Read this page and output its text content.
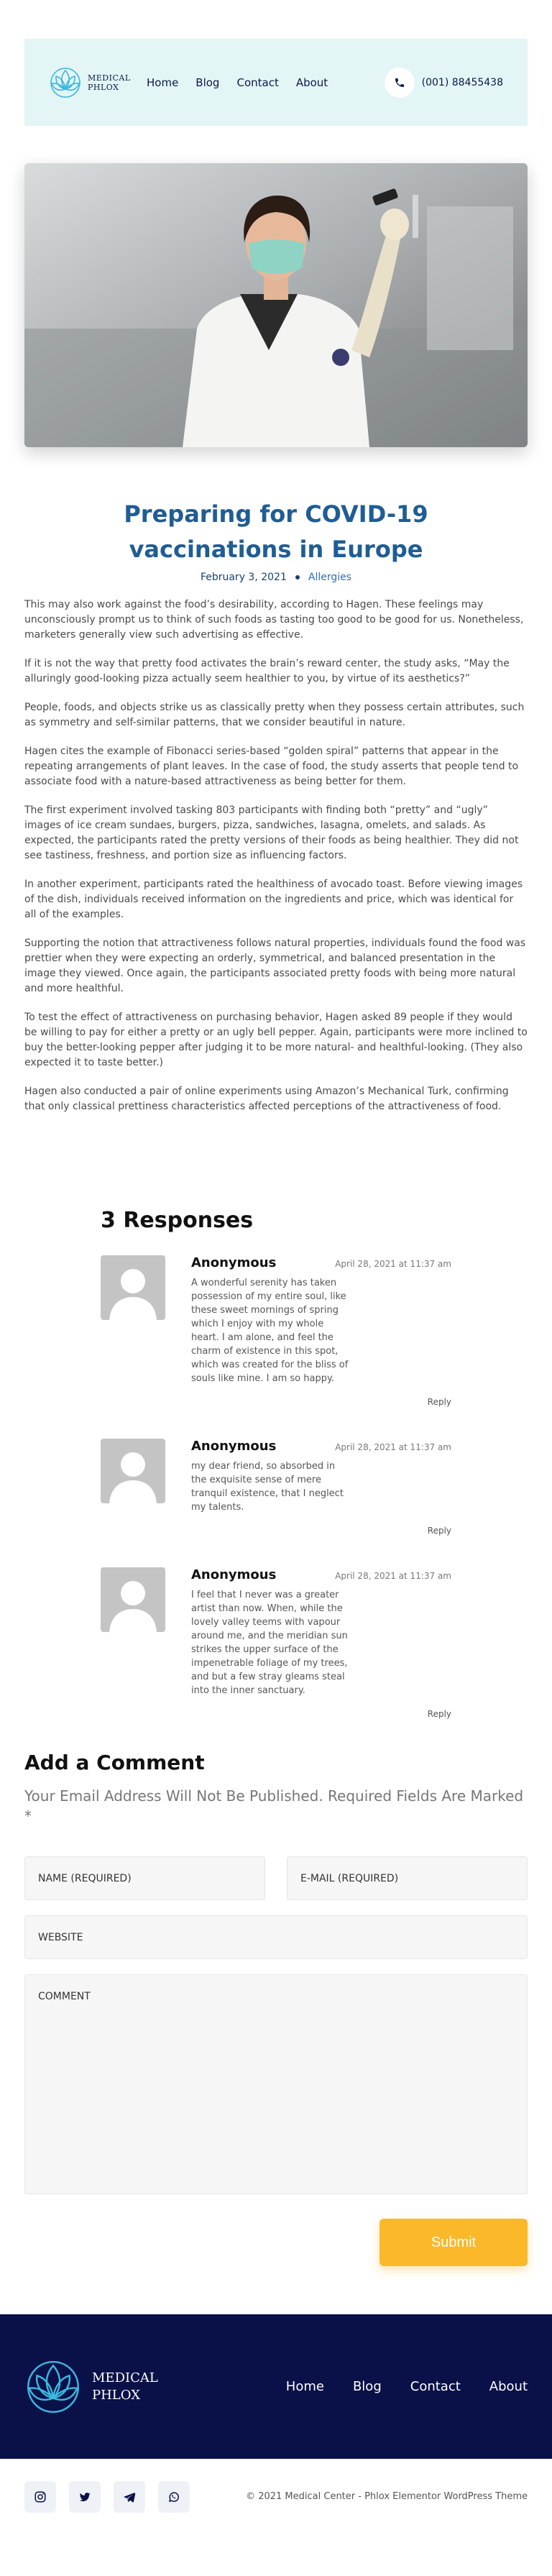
MEDICAL
PHLOX	Home Blog Contact About	(001) 88455438
Preparing for COVID-19 vaccinations in Europe
February 3, 2021 Allergies

This may also work against the food’s desirability, according to Hagen. These feelings may unconsciously prompt us to think of such foods as tasting too good to be good for us. Nonetheless, marketers generally view such advertising as effective.

If it is not the way that pretty food activates the brain’s reward center, the study asks, “May the alluringly good-looking pizza actually seem healthier to you, by virtue of its aesthetics?”

People, foods, and objects strike us as classically pretty when they possess certain attributes, such as symmetry and self-similar patterns, that we consider beautiful in nature.

Hagen cites the example of Fibonacci series-based “golden spiral” patterns that appear in the repeating arrangements of plant leaves. In the case of food, the study asserts that people tend to associate food with a nature-based attractiveness as being better for them.

The first experiment involved tasking 803 participants with finding both “pretty” and “ugly” images of ice cream sundaes, burgers, pizza, sandwiches, lasagna, omelets, and salads. As expected, the participants rated the pretty versions of their foods as being healthier. They did not see tastiness, freshness, and portion size as influencing factors.

In another experiment, participants rated the healthiness of avocado toast. Before viewing images of the dish, individuals received information on the ingredients and price, which was identical for all of the examples.

Supporting the notion that attractiveness follows natural properties, individuals found the food was prettier when they were expecting an orderly, symmetrical, and balanced presentation in the image they viewed. Once again, the participants associated pretty foods with being more natural and more healthful.

To test the effect of attractiveness on purchasing behavior, Hagen asked 89 people if they would be willing to pay for either a pretty or an ugly bell pepper. Again, participants were more inclined to buy the better-looking pepper after judging it to be more natural- and healthful-looking. (They also expected it to taste better.)

Hagen also conducted a pair of online experiments using Amazon’s Mechanical Turk, confirming that only classical prettiness characteristics affected perceptions of the attractiveness of food.

3 Responses
Anonymous	April 28, 2021 at 11:37 am

A wonderful serenity has taken possession of my entire soul, like these sweet mornings of spring which I enjoy with my whole heart. I am alone, and feel the charm of existence in this spot, which was created for the bliss of souls like mine. I am so happy.

Reply
Anonymous	April 28, 2021 at 11:37 am

my dear friend, so absorbed in the exquisite sense of mere tranquil existence, that I neglect my talents.

Reply
Anonymous	April 28, 2021 at 11:37 am

I feel that I never was a greater artist than now. When, while the lovely valley teems with vapour around me, and the meridian sun strikes the upper surface of the impenetrable foliage of my trees, and but a few stray gleams steal into the inner sanctuary.

Reply
Add a Comment

Your Email Address Will Not Be Published. Required Fields Are Marked *

NAME (REQUIRED)	E-MAIL (REQUIRED)
WEBSITE
COMMENT
Submit
MEDICAL
PHLOX
Home Blog Contact About
© 2021 Medical Center - Phlox Elementor WordPress Theme
